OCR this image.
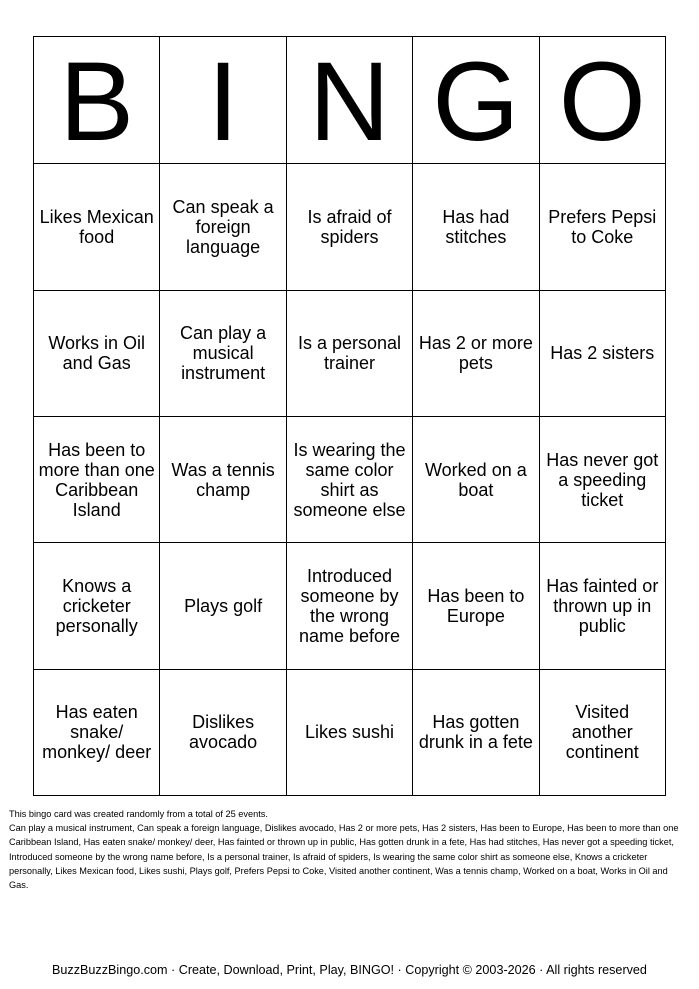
B	I	N	G	O
Likes Mexican food	Can speak a foreign language	Is afraid of spiders	Has had stitches	Prefers Pepsi to Coke
Works in Oil and Gas	Can play a musical instrument	Is a personal trainer	Has 2 or more pets	Has 2 sisters
Has been to more than one Caribbean Island	Was a tennis champ	Is wearing the same color shirt as someone else	Worked on a boat	Has never got a speeding ticket
Knows a cricketer personally	Plays golf	Introduced someone by the wrong name before	Has been to Europe	Has fainted or thrown up in public
Has eaten snake/ monkey/ deer	Dislikes avocado	Likes sushi	Has gotten drunk in a fete	Visited another continent
This bingo card was created randomly from a total of 25 events.
Can play a musical instrument, Can speak a foreign language, Dislikes avocado, Has 2 or more pets, Has 2 sisters, Has been to Europe, Has been to more than one Caribbean Island, Has eaten snake/ monkey/ deer, Has fainted or thrown up in public, Has gotten drunk in a fete, Has had stitches, Has never got a speeding ticket, Introduced someone by the wrong name before, Is a personal trainer, Is afraid of spiders, Is wearing the same color shirt as someone else, Knows a cricketer personally, Likes Mexican food, Likes sushi, Plays golf, Prefers Pepsi to Coke, Visited another continent, Was a tennis champ, Worked on a boat, Works in Oil and Gas.
BuzzBuzzBingo.com · Create, Download, Print, Play, BINGO! · Copyright © 2003-2026 · All rights reserved
